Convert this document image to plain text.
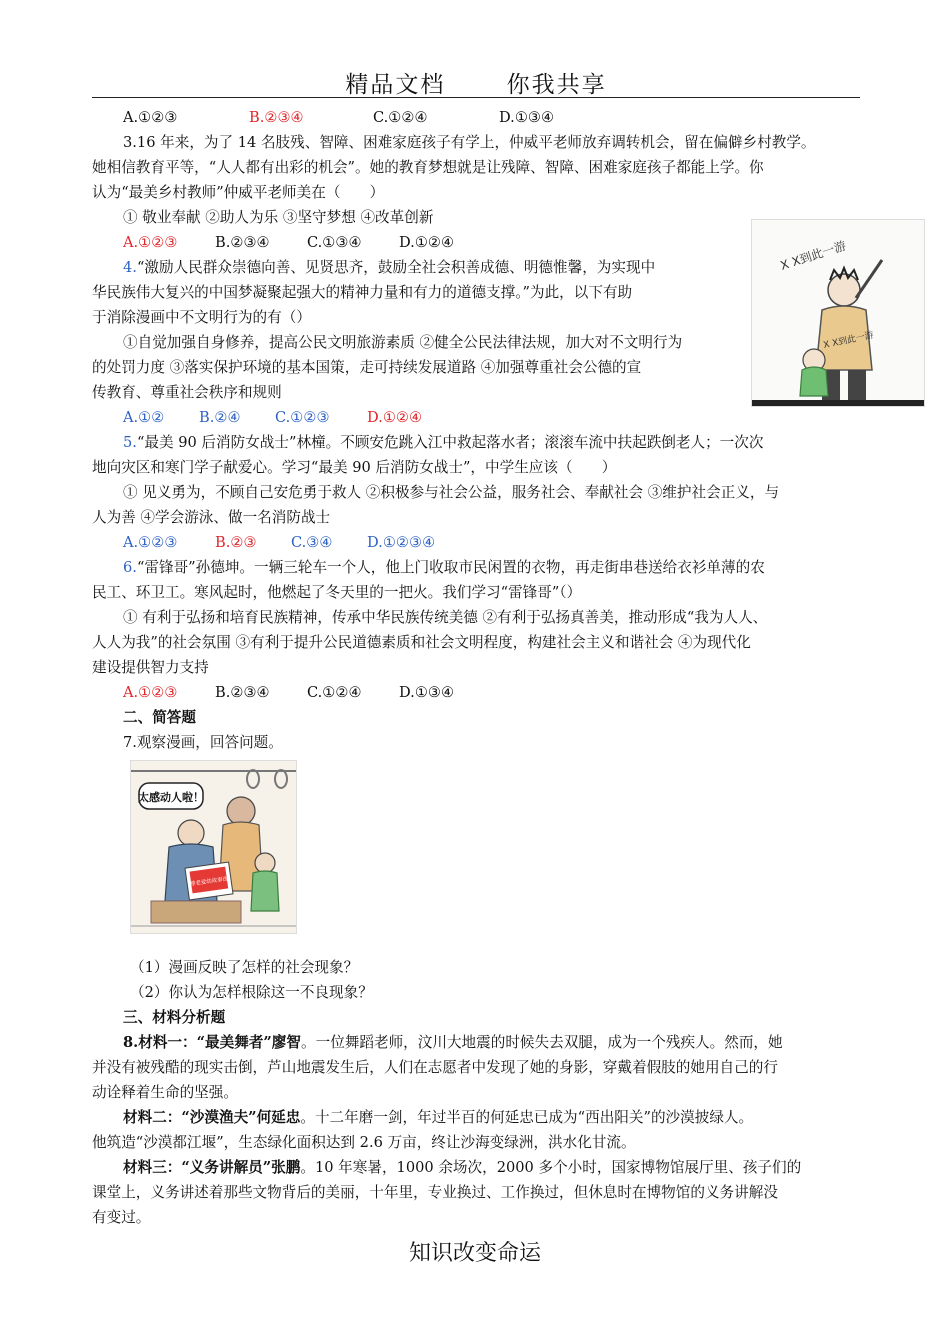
精品文档	你我共享
A.①②③	B.②③④	C.①②④	D.①③④
3.16 年来，为了 14 名肢残、智障、困难家庭孩子有学上，仲威平老师放弃调转机会，留在偏僻乡村教学。
她相信教育平等，“人人都有出彩的机会”。她的教育梦想就是让残障、智障、困难家庭孩子都能上学。你
认为“最美乡村教师”仲威平老师美在（　　）
① 敬业奉献 ②助人为乐 ③坚守梦想 ④改革创新
A.①②③	B.②③④	C.①③④	D.①②④
4.“激励人民群众崇德向善、见贤思齐，鼓励全社会积善成德、明德惟馨，为实现中
华民族伟大复兴的中国梦凝聚起强大的精神力量和有力的道德支撑。”为此，以下有助
于消除漫画中不文明行为的有（）
①自觉加强自身修养，提高公民文明旅游素质 ②健全公民法律法规，加大对不文明行为
的处罚力度 ③落实保护环境的基本国策，走可持续发展道路 ④加强尊重社会公德的宣
传教育、尊重社会秩序和规则
A.①② B.②④ C.①②③	D.①②④
X X到此一游
X X到此一游
5.“最美 90 后消防女战士”林橦。不顾安危跳入江中救起落水者；滚滚车流中扶起跌倒老人；一次次
地向灾区和寒门学子献爱心。学习“最美 90 后消防女战士”，中学生应该（　　）
① 见义勇为，不顾自己安危勇于救人 ②积极参与社会公益，服务社会、奉献社会 ③维护社会正义，与
人为善 ④学会游泳、做一名消防战士
A.①②③	B.②③ C.③④ D.①②③④
6.“雷锋哥”孙德坤。一辆三轮车一个人，他上门收取市民闲置的衣物，再走街串巷送给衣衫单薄的农
民工、环卫工。寒风起时，他燃起了冬天里的一把火。我们学习“雷锋哥”（）
① 有利于弘扬和培育民族精神，传承中华民族传统美德 ②有利于弘扬真善美，推动形成“我为人人、
人人为我”的社会氛围 ③有利于提升公民道德素质和社会文明程度，构建社会主义和谐社会 ④为现代化
建设提供智力支持
A.①②③	B.②③④	C.①②④	D.①③④
二、简答题
7.观察漫画，回答问题。
太感动人啦！
尊老爱幼故事选
（1）漫画反映了怎样的社会现象？
（2）你认为怎样根除这一不良现象？
三、材料分析题
8.材料一：“最美舞者”廖智。一位舞蹈老师，汶川大地震的时候失去双腿，成为一个残疾人。然而，她
并没有被残酷的现实击倒，芦山地震发生后，人们在志愿者中发现了她的身影，穿戴着假肢的她用自己的行
动诠释着生命的坚强。
材料二：“沙漠渔夫”何延忠。十二年磨一剑，年过半百的何延忠已成为“西出阳关”的沙漠披绿人。
他筑造“沙漠都江堰”，生态绿化面积达到 2.6 万亩，终让沙海变绿洲，洪水化甘流。
材料三：“义务讲解员”张鹏。10 年寒暑，1000 余场次，2000 多个小时，国家博物馆展厅里、孩子们的
课堂上，义务讲述着那些文物背后的美丽，十年里，专业换过、工作换过，但休息时在博物馆的义务讲解没
有变过。
知识改变命运
